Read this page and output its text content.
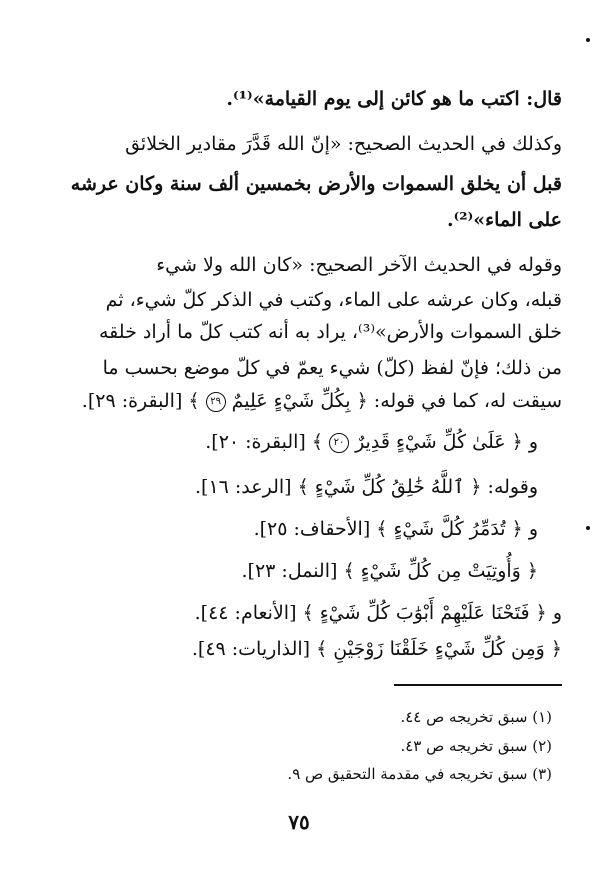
قال: اكتب ما هو كائن إلى يوم القيامة»⁽¹⁾.
وكذلك في الحديث الصحيح: «إنّ الله قَدَّرَ مقادير الخلائق
قبل أن يخلق السموات والأرض بخمسين ألف سنة وكان عرشه
على الماء»⁽²⁾.
وقوله في الحديث الآخر الصحيح: «كان الله ولا شيء
قبله، وكان عرشه على الماء، وكتب في الذكر كلّ شيء، ثم
خلق السموات والأرض»⁽³⁾، يراد به أنه كتب كلّ ما أراد خلقه
من ذلك؛ فإنّ لفظ (كلّ) شيء يعمّ في كلّ موضع بحسب ما
سيقت له، كما في قوله: ﴿ بِكُلِّ شَيْءٍ عَلِيمٌ ٢٩ ﴾ [البقرة: ٢٩].
و ﴿ عَلَىٰ كُلِّ شَيْءٍ قَدِيرٌ ٢٠ ﴾ [البقرة: ٢٠].
وقوله: ﴿ ٱللَّهُ خَٰلِقُ كُلِّ شَيْءٍ ﴾ [الرعد: ١٦].
و ﴿ تُدَمِّرُ كُلَّ شَيْءٍ ﴾ [الأحقاف: ٢٥].
﴿ وَأُوتِيَتْ مِن كُلِّ شَيْءٍ ﴾ [النمل: ٢٣].
و ﴿ فَتَحْنَا عَلَيْهِمْ أَبْوَٰبَ كُلِّ شَيْءٍ ﴾ [الأنعام: ٤٤].
﴿ وَمِن كُلِّ شَيْءٍ خَلَقْنَا زَوْجَيْنِ ﴾ [الذاريات: ٤٩].
(١) سبق تخريجه ص ٤٤.
(٢) سبق تخريجه ص ٤٣.
(٣) سبق تخريجه في مقدمة التحقيق ص ٩.
٧٥
